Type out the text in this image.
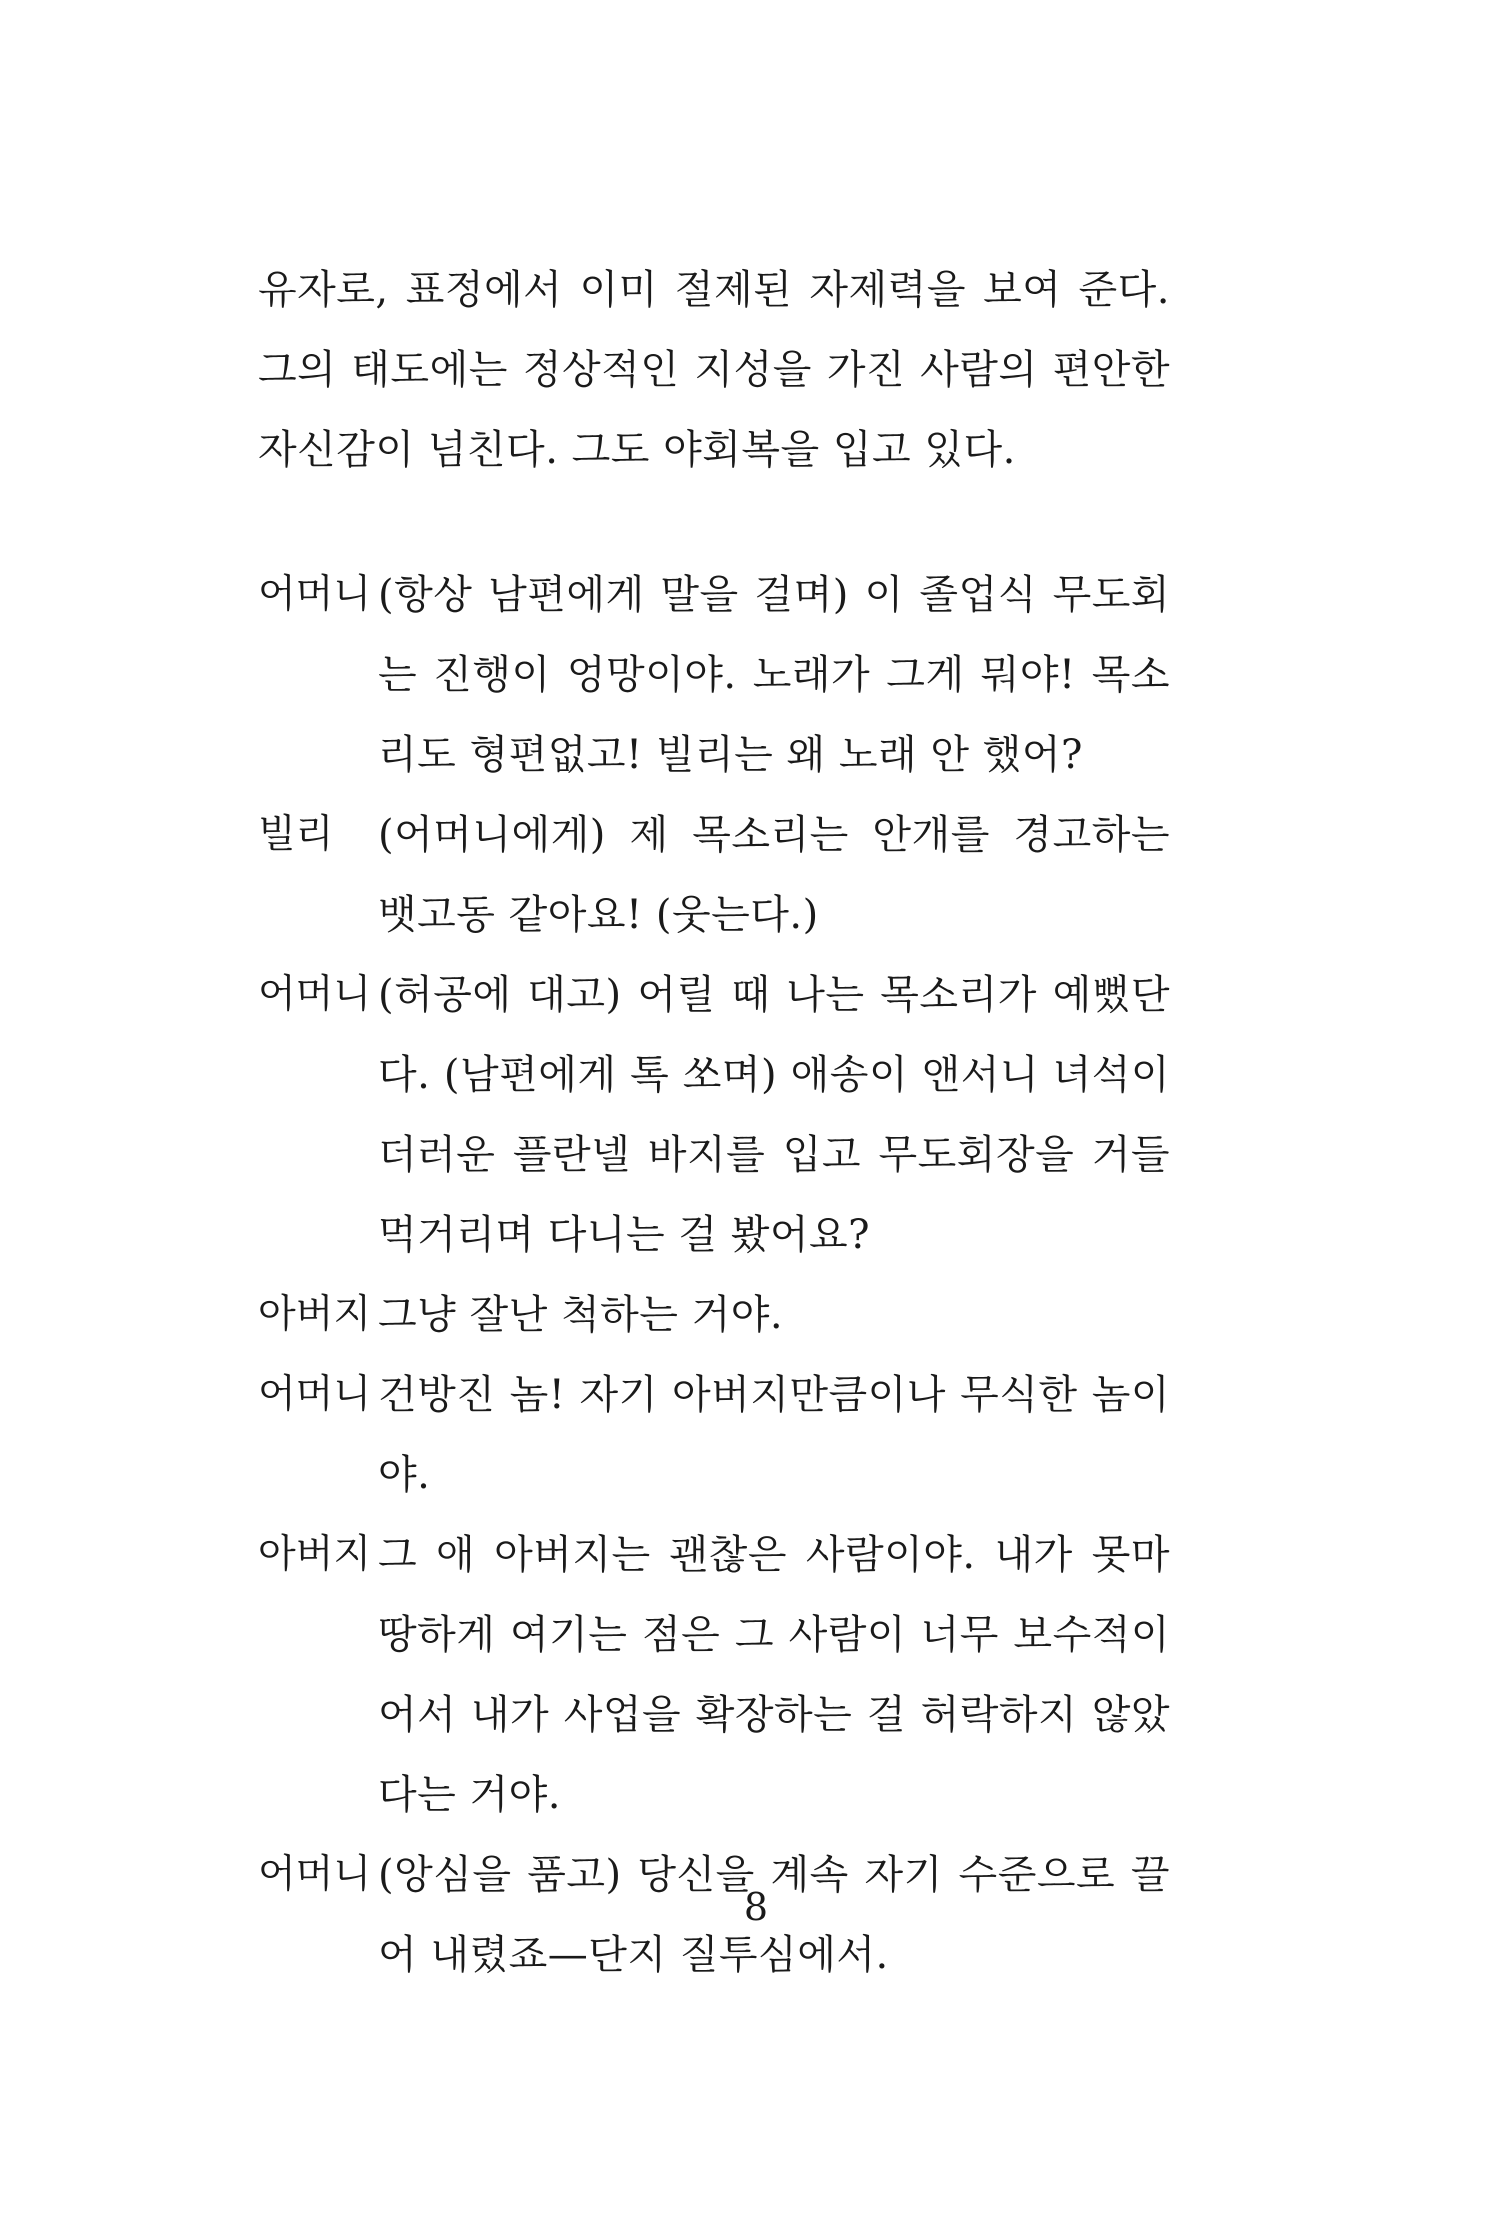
유자로, 표정에서 이미 절제된 자제력을 보여 준다. 그의 태도에는 정상적인 지성을 가진 사람의 편안한 자신감이 넘친다. 그도 야회복을 입고 있다.
어머니 (항상 남편에게 말을 걸며) 이 졸업식 무도회는 진행이 엉망이야. 노래가 그게 뭐야! 목소리도 형편없고! 빌리는 왜 노래 안 했어?
빌리	(어머니에게) 제 목소리는 안개를 경고하는 뱃고동 같아요! (웃는다.)
어머니 (허공에 대고) 어릴 때 나는 목소리가 예뻤단다. (남편에게 톡 쏘며) 애송이 앤서니 녀석이 더러운 플란넬 바지를 입고 무도회장을 거들먹거리며 다니는 걸 봤어요?
아버지 그냥 잘난 척하는 거야.
어머니 건방진 놈! 자기 아버지만큼이나 무식한 놈이야.
아버지 그 애 아버지는 괜찮은 사람이야. 내가 못마땅하게 여기는 점은 그 사람이 너무 보수적이어서 내가 사업을 확장하는 걸 허락하지 않았다는 거야.
어머니 (앙심을 품고) 당신을 계속 자기 수준으로 끌어 내렸죠—단지 질투심에서.
8
